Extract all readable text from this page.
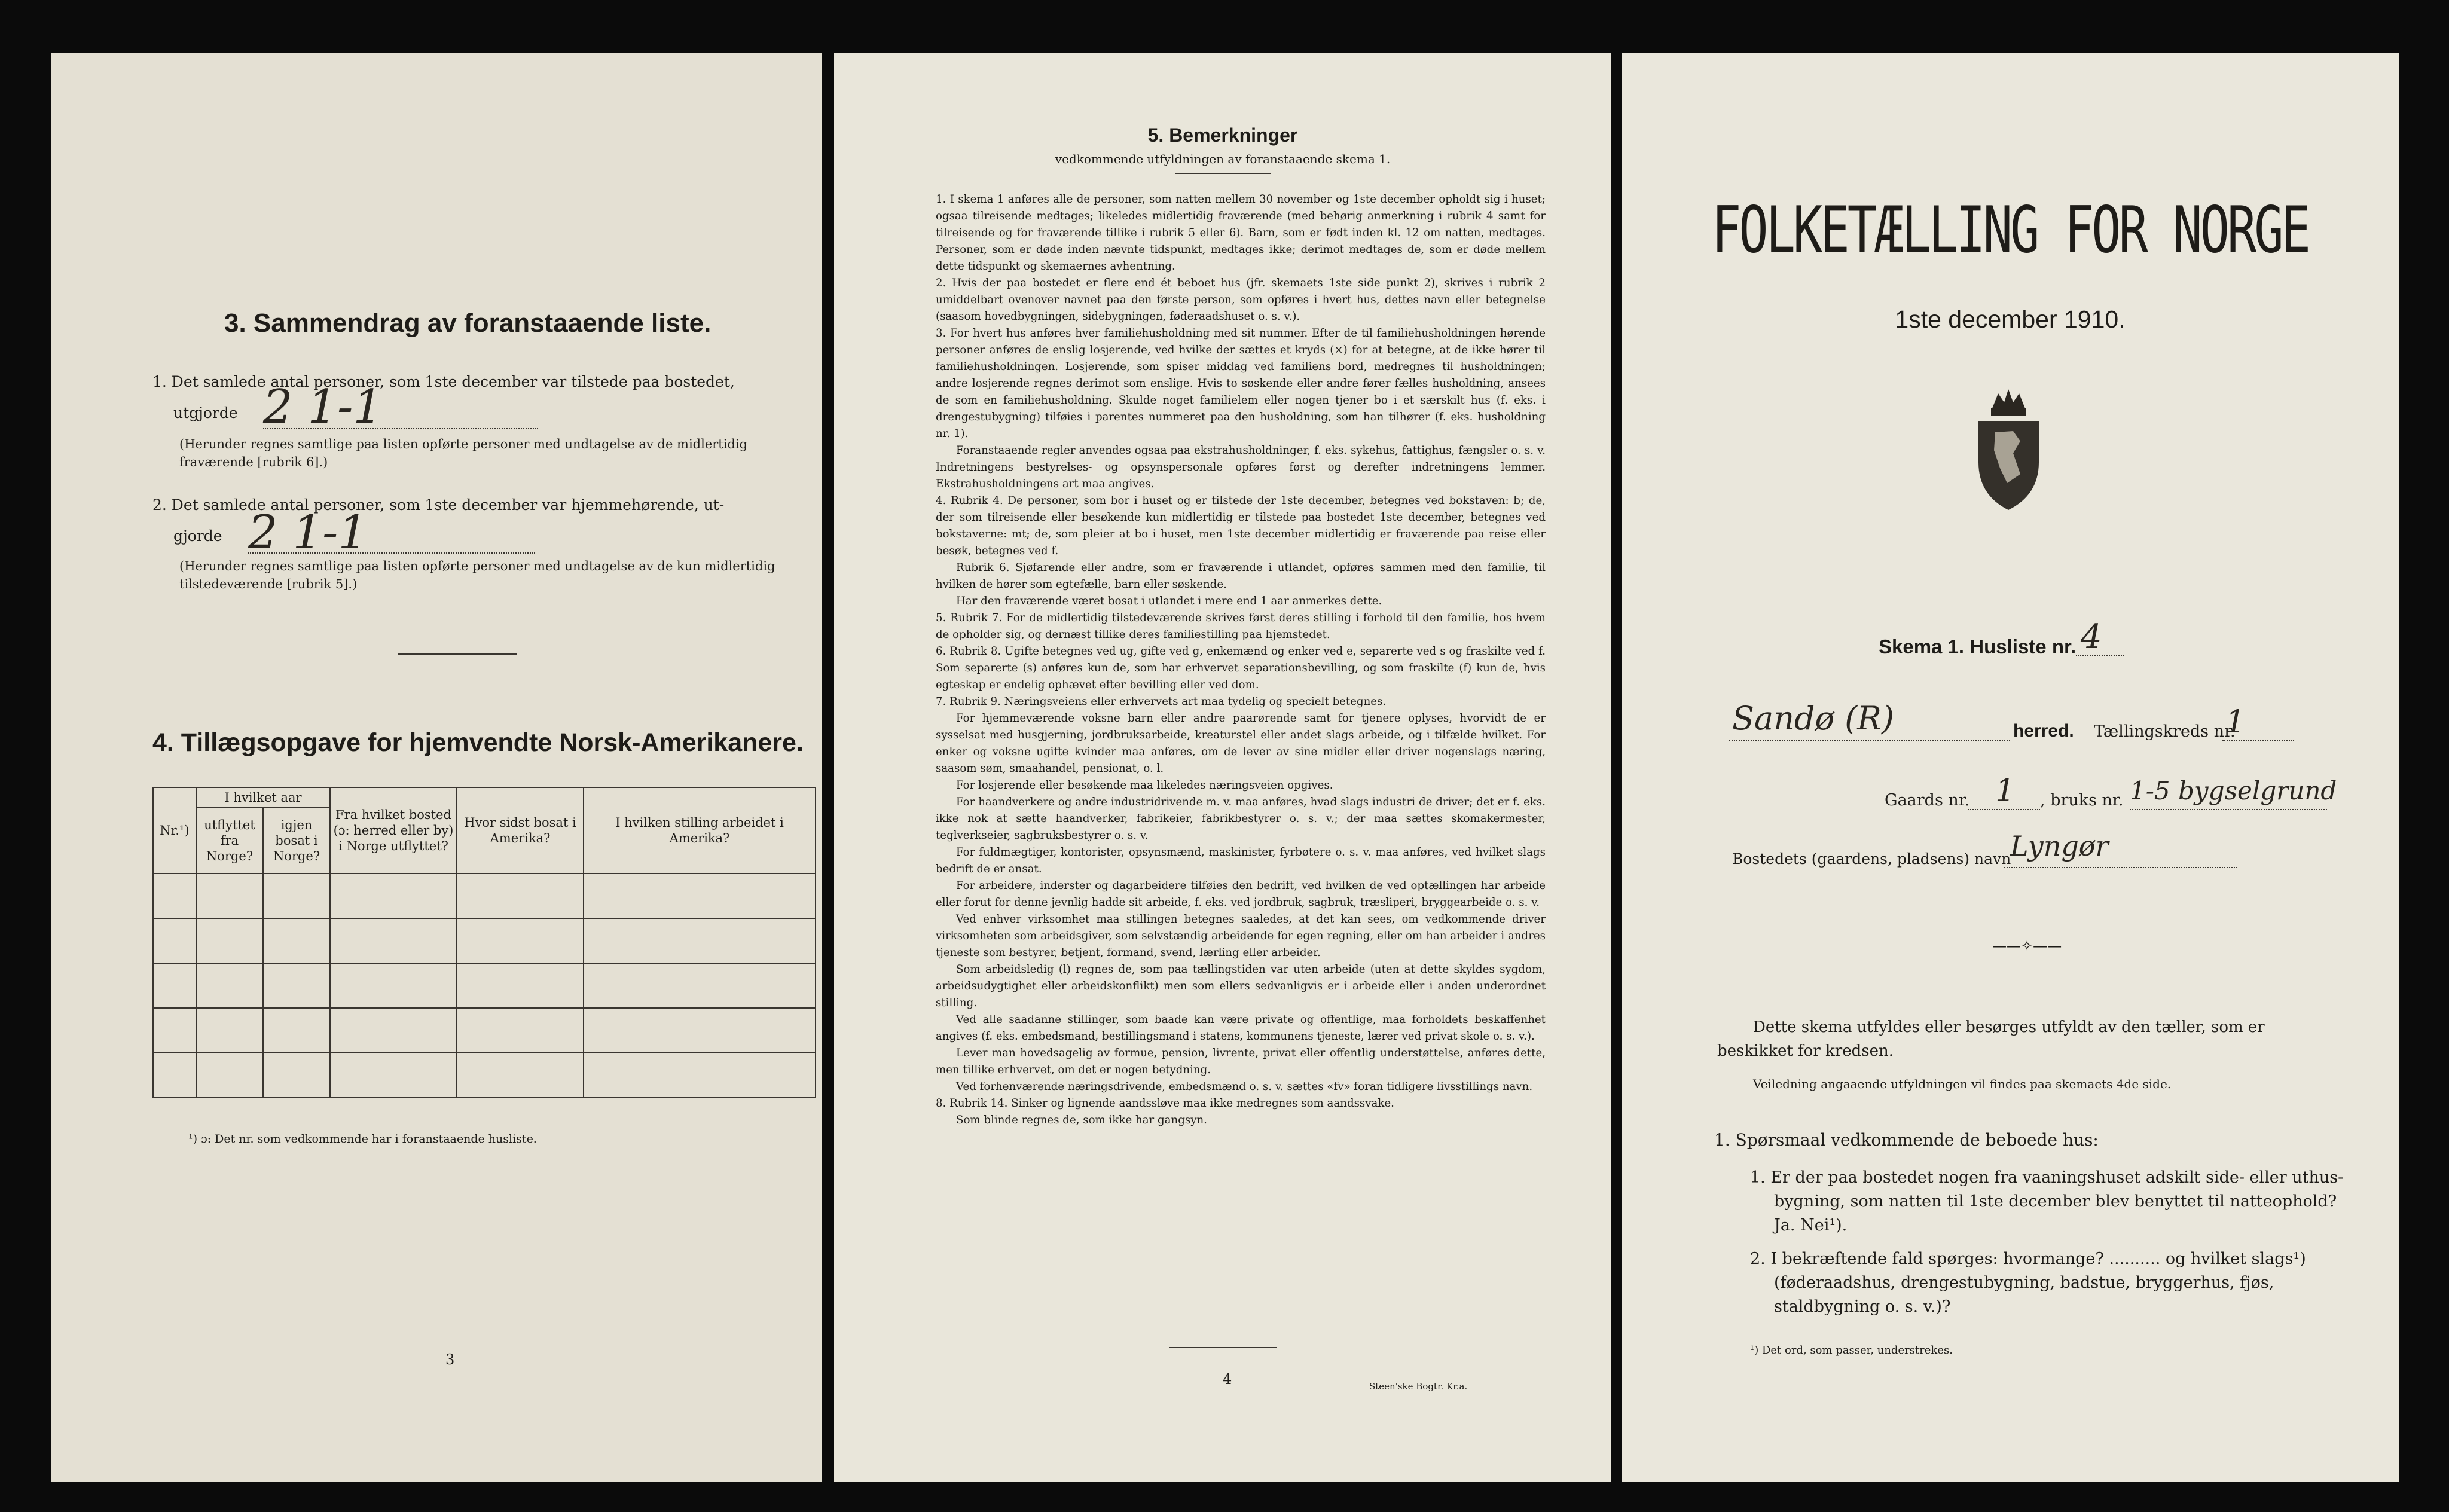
3. Sammendrag av foranstaaende liste.
1. Det samlede antal personer, som 1ste december var tilstede paa bostedet,
utgjorde 2 1-1
(Herunder regnes samtlige paa listen opførte personer med undtagelse av de midlertidig fraværende [rubrik 6].)
2. Det samlede antal personer, som 1ste december var hjemmehørende, ut-
gjorde 2 1-1
(Herunder regnes samtlige paa listen opførte personer med undtagelse av de kun midlertidig tilstedeværende [rubrik 5].)
4. Tillægsopgave for hjemvendte Norsk-Amerikanere.
Nr.¹)	I hvilket aar		Fra hvilket bosted (ɔ: herred eller by) i Norge utflyttet?	Hvor sidst bosat i Amerika?	I hvilken stilling arbeidet i Amerika?
	utflyttet fra Norge?	igjen bosat i Norge?			

¹) ɔ: Det nr. som vedkommende har i foranstaaende husliste.
3
5. Bemerkninger
vedkommende utfyldningen av foranstaaende skema 1.

1. I skema 1 anføres alle de personer, som natten mellem 30 november og 1ste december opholdt sig i huset; ogsaa tilreisende medtages; likeledes midlertidig fraværende (med behørig anmerkning i rubrik 4 samt for tilreisende og for fraværende tillike i rubrik 5 eller 6). Barn, som er født inden kl. 12 om natten, medtages. Personer, som er døde inden nævnte tidspunkt, medtages ikke; derimot medtages de, som er døde mellem dette tidspunkt og skemaernes avhentning.

2. Hvis der paa bostedet er flere end ét beboet hus (jfr. skemaets 1ste side punkt 2), skrives i rubrik 2 umiddelbart ovenover navnet paa den første person, som opføres i hvert hus, dettes navn eller betegnelse (saasom hovedbygningen, sidebygningen, føderaadshuset o. s. v.).

3. For hvert hus anføres hver familiehusholdning med sit nummer. Efter de til familiehusholdningen hørende personer anføres de enslig losjerende, ved hvilke der sættes et kryds (×) for at betegne, at de ikke hører til familiehusholdningen. Losjerende, som spiser middag ved familiens bord, medregnes til husholdningen; andre losjerende regnes derimot som enslige. Hvis to søskende eller andre fører fælles husholdning, ansees de som en familiehusholdning. Skulde noget familielem eller nogen tjener bo i et særskilt hus (f. eks. i drengestubygning) tilføies i parentes nummeret paa den husholdning, som han tilhører (f. eks. husholdning nr. 1).

Foranstaaende regler anvendes ogsaa paa ekstrahusholdninger, f. eks. sykehus, fattighus, fængsler o. s. v. Indretningens bestyrelses- og opsynspersonale opføres først og derefter indretningens lemmer. Ekstrahusholdningens art maa angives.

4. Rubrik 4. De personer, som bor i huset og er tilstede der 1ste december, betegnes ved bokstaven: b; de, der som tilreisende eller besøkende kun midlertidig er tilstede paa bostedet 1ste december, betegnes ved bokstaverne: mt; de, som pleier at bo i huset, men 1ste december midlertidig er fraværende paa reise eller besøk, betegnes ved f.

Rubrik 6. Sjøfarende eller andre, som er fraværende i utlandet, opføres sammen med den familie, til hvilken de hører som egtefælle, barn eller søskende.

Har den fraværende været bosat i utlandet i mere end 1 aar anmerkes dette.

5. Rubrik 7. For de midlertidig tilstedeværende skrives først deres stilling i forhold til den familie, hos hvem de opholder sig, og dernæst tillike deres familiestilling paa hjemstedet.

6. Rubrik 8. Ugifte betegnes ved ug, gifte ved g, enkemænd og enker ved e, separerte ved s og fraskilte ved f. Som separerte (s) anføres kun de, som har erhvervet separationsbevilling, og som fraskilte (f) kun de, hvis egteskap er endelig ophævet efter bevilling eller ved dom.

7. Rubrik 9. Næringsveiens eller erhvervets art maa tydelig og specielt betegnes.

For hjemmeværende voksne barn eller andre paarørende samt for tjenere oplyses, hvorvidt de er sysselsat med husgjerning, jordbruksarbeide, kreaturstel eller andet slags arbeide, og i tilfælde hvilket. For enker og voksne ugifte kvinder maa anføres, om de lever av sine midler eller driver nogenslags næring, saasom søm, smaahandel, pensionat, o. l.

For losjerende eller besøkende maa likeledes næringsveien opgives.

For haandverkere og andre industridrivende m. v. maa anføres, hvad slags industri de driver; det er f. eks. ikke nok at sætte haandverker, fabrikeier, fabrikbestyrer o. s. v.; der maa sættes skomakermester, teglverkseier, sagbruksbestyrer o. s. v.

For fuldmægtiger, kontorister, opsynsmænd, maskinister, fyrbøtere o. s. v. maa anføres, ved hvilket slags bedrift de er ansat.

For arbeidere, inderster og dagarbeidere tilføies den bedrift, ved hvilken de ved optællingen har arbeide eller forut for denne jevnlig hadde sit arbeide, f. eks. ved jordbruk, sagbruk, træsliperi, bryggearbeide o. s. v.

Ved enhver virksomhet maa stillingen betegnes saaledes, at det kan sees, om vedkommende driver virksomheten som arbeidsgiver, som selvstændig arbeidende for egen regning, eller om han arbeider i andres tjeneste som bestyrer, betjent, formand, svend, lærling eller arbeider.

Som arbeidsledig (l) regnes de, som paa tællingstiden var uten arbeide (uten at dette skyldes sygdom, arbeidsudygtighet eller arbeidskonflikt) men som ellers sedvanligvis er i arbeide eller i anden underordnet stilling.

Ved alle saadanne stillinger, som baade kan være private og offentlige, maa forholdets beskaffenhet angives (f. eks. embedsmand, bestillingsmand i statens, kommunens tjeneste, lærer ved privat skole o. s. v.).

Lever man hovedsagelig av formue, pension, livrente, privat eller offentlig understøttelse, anføres dette, men tillike erhvervet, om det er nogen betydning.

Ved forhenværende næringsdrivende, embedsmænd o. s. v. sættes «fv» foran tidligere livsstillings navn.

8. Rubrik 14. Sinker og lignende aandssløve maa ikke medregnes som aandssvake.

Som blinde regnes de, som ikke har gangsyn.

4	Steen'ske Bogtr. Kr.a.
FOLKETÆLLING FOR NORGE
1ste december 1910.
Skema 1. Husliste nr. 4
Sandø (R)	herred. Tællingskreds nr.
1
Gaards nr. 1 , bruks nr. 1-5 bygselgrund
Bostedets (gaardens, pladsens) navn
Lyngør
——✧——
Dette skema utfyldes eller besørges utfyldt av den tæller, som er beskikket for kredsen.
Veiledning angaaende utfyldningen vil findes paa skemaets 4de side.
1. Spørsmaal vedkommende de beboede hus:
1. Er der paa bostedet nogen fra vaaningshuset adskilt side- eller uthus-bygning, som natten til 1ste december blev benyttet til natteophold? Ja. Nei¹).
2. I bekræftende fald spørges: hvormange? .......... og hvilket slags¹) (føderaadshus, drengestubygning, badstue, bryggerhus, fjøs, staldbygning o. s. v.)?
¹) Det ord, som passer, understrekes.
